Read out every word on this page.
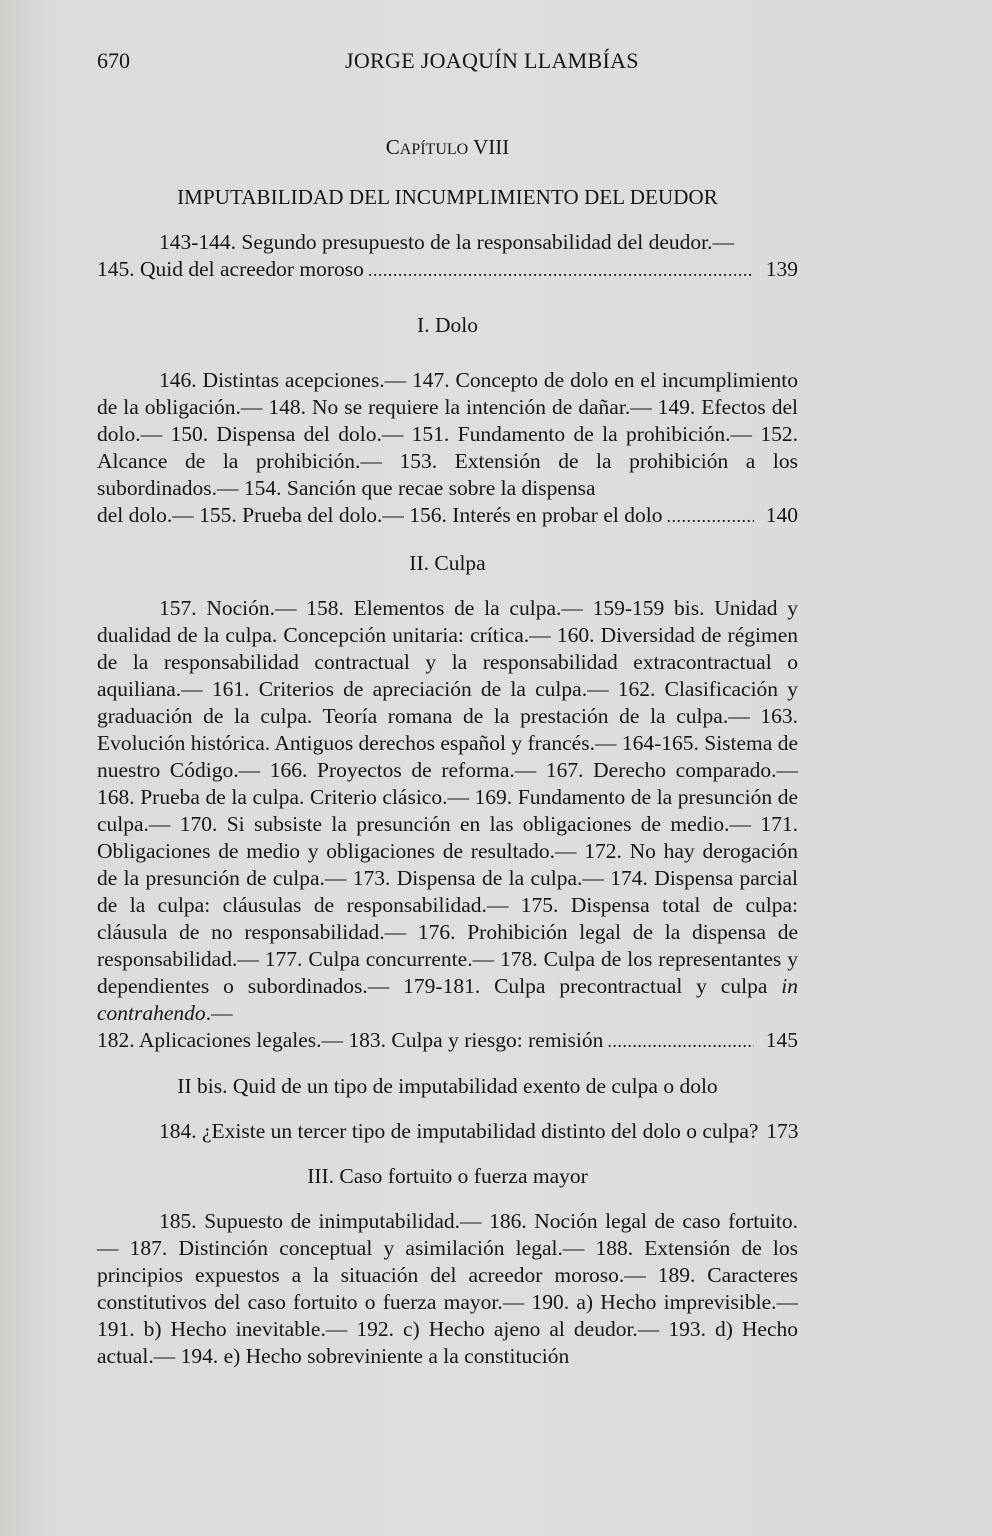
670	JORGE JOAQUÍN LLAMBÍAS

CAPÍTULO VIII

IMPUTABILIDAD DEL INCUMPLIMIENTO DEL DEUDOR

143-144. Segundo presupuesto de la responsabilidad del deudor.—

145. Quid del acreedor moroso . . .	139

I. Dolo

146. Distintas acepciones.— 147. Concepto de dolo en el incumplimiento de la obligación.— 148. No se requiere la intención de dañar.— 149. Efectos del dolo.— 150. Dispensa del dolo.— 151. Fundamento de la prohibición.— 152. Alcance de la prohibición.— 153. Extensión de la prohibición a los subordinados.— 154. Sanción que recae sobre la dispensa

del dolo.— 155. Prueba del dolo.— 156. Interés en probar el dolo . . .	140

II. Culpa

157. Noción.— 158. Elementos de la culpa.— 159-159 bis. Unidad y dualidad de la culpa. Concepción unitaria: crítica.— 160. Diversidad de régimen de la responsabilidad contractual y la responsabilidad extracontractual o aquiliana.— 161. Criterios de apreciación de la culpa.— 162. Clasificación y graduación de la culpa. Teoría romana de la prestación de la culpa.— 163. Evolución histórica. Antiguos derechos español y francés.— 164-165. Sistema de nuestro Código.— 166. Proyectos de reforma.— 167. Derecho comparado.— 168. Prueba de la culpa. Criterio clásico.— 169. Fundamento de la presunción de culpa.— 170. Si subsiste la presunción en las obligaciones de medio.— 171. Obligaciones de medio y obligaciones de resultado.— 172. No hay derogación de la presunción de culpa.— 173. Dispensa de la culpa.— 174. Dispensa parcial de la culpa: cláusulas de responsabilidad.— 175. Dispensa total de culpa: cláusula de no responsabilidad.— 176. Prohibición legal de la dispensa de responsabilidad.— 177. Culpa concurrente.— 178. Culpa de los representantes y dependientes o subordinados.— 179-181. Culpa precontractual y culpa in contrahendo.—

182. Aplicaciones legales.— 183. Culpa y riesgo: remisión . . .	145

II bis. Quid de un tipo de imputabilidad exento de culpa o dolo

184. ¿Existe un tercer tipo de imputabilidad distinto del dolo o culpa? 173

III. Caso fortuito o fuerza mayor

185. Supuesto de inimputabilidad.— 186. Noción legal de caso fortuito.— 187. Distinción conceptual y asimilación legal.— 188. Extensión de los principios expuestos a la situación del acreedor moroso.— 189. Caracteres constitutivos del caso fortuito o fuerza mayor.— 190. a) Hecho imprevisible.— 191. b) Hecho inevitable.— 192. c) Hecho ajeno al deudor.— 193. d) Hecho actual.— 194. e) Hecho sobreviniente a la constitución
